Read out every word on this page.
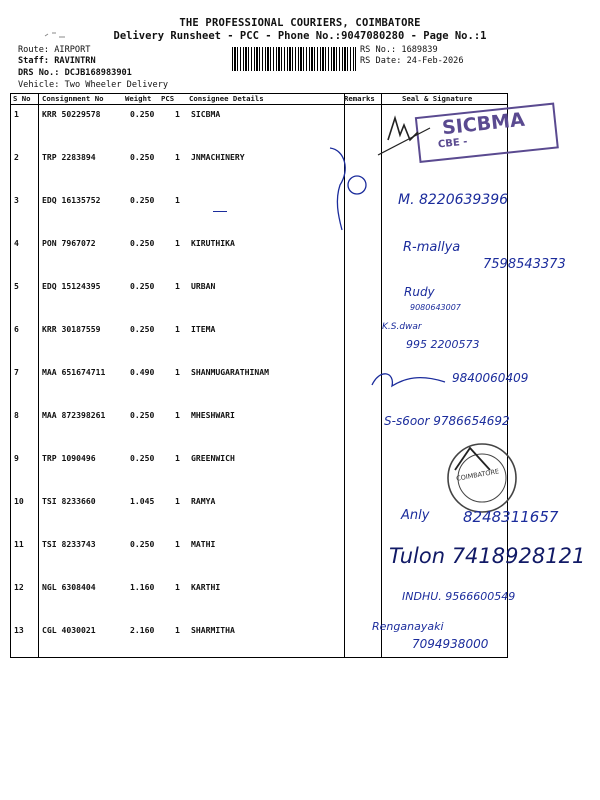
THE PROFESSIONAL COURIERS, COIMBATORE
Delivery Runsheet - PCC - Phone No.:9047080280 - Page No.:1
Route: AIRPORT
Staff: RAVINTRN
DRS No.: DCJB168983901
Vehicle: Two Wheeler Delivery
RS No.: 1689839
RS Date: 24-Feb-2026
S No Consignment No	Weight PCS Consignee Details	Remarks	Seal & Signature
1	KRR 50229578	0.250	1 SICBMA
2	TRP 2283894	0.250	1 JNMACHINERY
3	EDQ 16135752	0.250	1
4	PON 7967072	0.250	1 KIRUTHIKA
5	EDQ 15124395	0.250	1 URBAN
6	KRR 30187559	0.250	1 ITEMA
7	MAA 651674711	0.490	1 SHANMUGARATHINAM
8	MAA 872398261	0.250	1 MHESHWARI
9	TRP 1090496	0.250	1 GREENWICH
10 TSI 8233660	1.045	1 RAMYA
11 TSI 8233743	0.250	1 MATHI
12 NGL 6308404	1.160	1 KARTHI
13 CGL 4030021	2.160	1 SHARMITHA
SICBMA
CBE -
M. 8220639396
R-mallya
7598543373
Rudy
9080643007
K.S.dwar
995 2200573
9840060409
S-s6oor 9786654692
COIMBATORE
Anly 8248311657
Tulon 7418928121
INDHU. 9566600549
Renganayaki
7094938000
